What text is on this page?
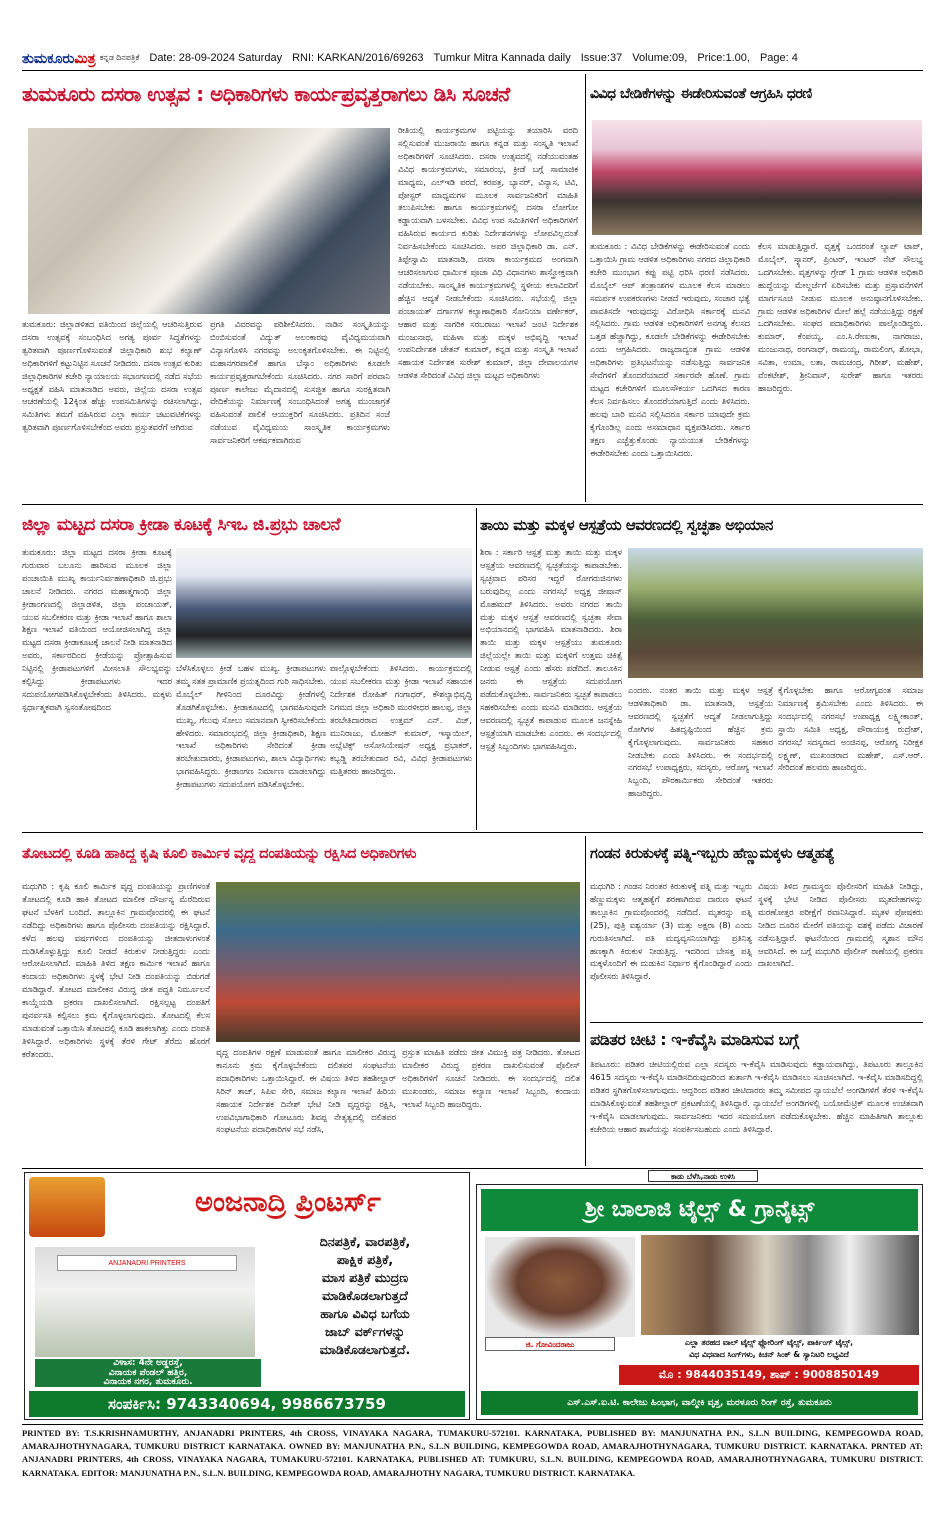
ತುಮಕೂರುಮಿತ್ರ ಕನ್ನಡ ದಿನಪತ್ರಿಕೆ Date: 28-09-2024 Saturday RNI: KARKAN/2016/69263 Tumkur Mitra Kannada daily Issue:37 Volume:09, Price:1.00, Page: 4
ತುಮಕೂರು ದಸರಾ ಉತ್ಸವ : ಅಧಿಕಾರಿಗಳು ಕಾರ್ಯಪ್ರವೃತ್ತರಾಗಲು ಡಿಸಿ ಸೂಚನೆ	ವಿವಿಧ ಬೇಡಿಕೆಗಳನ್ನು ಈಡೇರಿಸುವಂತೆ ಆಗ್ರಹಿಸಿ ಧರಣಿ
ರೀತಿಯಲ್ಲಿ ಕಾರ್ಯಕ್ರಮಗಳ ಪಟ್ಟಿಯನ್ನು ತಯಾರಿಸಿ ವರದಿ ಸಲ್ಲಿಸುವಂತೆ ಮುಜರಾಯಿ ಹಾಗೂ ಕನ್ನಡ ಮತ್ತು ಸಂಸ್ಕೃತಿ ಇಲಾಖೆ ಅಧಿಕಾರಿಗಳಿಗೆ ಸೂಚಿಸಿದರು. ದಸರಾ ಉತ್ಸವದಲ್ಲಿ ನಡೆಯುವಂತಹ ವಿವಿಧ ಕಾರ್ಯಕ್ರಮಗಳು, ಸಮಾರಂಭ, ಕ್ರೀಡೆ ಬಗ್ಗೆ ಸಾಮಾಜಿಕ ಮಾಧ್ಯಮ, ಎಲ್‌ಇಡಿ ಪರದೆ, ಕರಪತ್ರ, ಬ್ಯಾನರ್, ವಿನ್ಯಾಸ, ಟಿವಿ, ಪೋಸ್ಟರ್ ಮಾಧ್ಯಮಗಳ ಮೂಲಕ ಸಾರ್ವಜನಿಕರಿಗೆ ಮಾಹಿತಿ ತಲುಪಿಸಬೇಕು ಹಾಗೂ ಕಾರ್ಯಕ್ರಮಗಳಲ್ಲಿ ದಸರಾ ಲೋಗೋ ಕಡ್ಡಾಯವಾಗಿ ಬಳಸಬೇಕು. ವಿವಿಧ ಉಪ ಸಮಿತಿಗಳಿಗೆ ಅಧಿಕಾರಿಗಳಿಗೆ ವಹಿಸಿರುವ ಕಾರ್ಯದ ಕುರಿತು ನಿರ್ದೇಶನಗಳನ್ನು ಲೋಪವಿಲ್ಲದಂತೆ ನಿರ್ವಹಿಸಬೇಕೆಂದು ಸೂಚಿಸಿದರು. ಅಪರ ಜಿಲ್ಲಾಧಿಕಾರಿ ಡಾ. ಎನ್. ತಿಪ್ಪೇಸ್ವಾಮಿ ಮಾತನಾಡಿ, ದಸರಾ ಕಾರ್ಯಕ್ರಮದ ಅಂಗವಾಗಿ ಆಚರಿಸಲಾಗುವ ಧಾರ್ಮಿಕ ಪೂಜಾ ವಿಧಿ ವಿಧಾನಗಳು ಶಾಸ್ತ್ರೋಕ್ತವಾಗಿ ನಡೆಯಬೇಕು. ಸಾಂಸ್ಕೃತಿಕ ಕಾರ್ಯಕ್ರಮಗಳಲ್ಲಿ ಸ್ಥಳೀಯ ಕಲಾವಿದರಿಗೆ ಹೆಚ್ಚಿನ ಆದ್ಯತೆ ನೀಡಬೇಕೆಂದು ಸೂಚಿಸಿದರು. ಸಭೆಯಲ್ಲಿ ಜಿಲ್ಲಾ ಪಂಚಾಯತ್ ದರ್ಗಾಗಳ ಕಲ್ಯಾಣಾಧಿಕಾರಿ ಸೋನಿಯಾ ವರ್ಣೇಕರ್, ಆಹಾರ ಮತ್ತು ನಾಗರಿಕ ಸರಬರಾಜು ಇಲಾಖೆ ಜಂಟಿ ನಿರ್ದೇಶಕ ಮಂಜುನಾಥ, ಮಹಿಳಾ ಮತ್ತು ಮಕ್ಕಳ ಅಭಿವೃದ್ಧಿ ಇಲಾಖೆ ಉಪನಿರ್ದೇಶಕ ಚೇತನ್ ಕುಮಾರ್, ಕನ್ನಡ ಮತ್ತು ಸಂಸ್ಕೃತಿ ಇಲಾಖೆ ಸಹಾಯಕ ನಿರ್ದೇಶಕ ಸುರೇಶ್ ಕುಮಾರ್, ಜಿಲ್ಲಾ ದೇವಾಲಯಗಳ ಆಡಳಿತ ಸೇರಿದಂತೆ ವಿವಿಧ ಜಿಲ್ಲಾ ಮಟ್ಟದ ಅಧಿಕಾರಿಗಳು
ತುಮಕೂರು: ಜಿಲ್ಲಾಡಳಿತದ ವತಿಯಿಂದ ಜಿಲ್ಲೆಯಲ್ಲಿ ಆಚರಿಸುತ್ತಿರುವ ದಸರಾ ಉತ್ಸವಕ್ಕೆ ಸಂಬಂಧಿಸಿದ ಅಗತ್ಯ ಪೂರ್ವ ಸಿದ್ಧತೆಗಳನ್ನು ತ್ವರಿತವಾಗಿ ಪೂರ್ಣಗೊಳಿಸುವಂತೆ ಜಿಲ್ಲಾಧಿಕಾರಿ ಶುಭ ಕಲ್ಯಾಣ್ ಅಧಿಕಾರಿಗಳಿಗೆ ಕಟ್ಟುನಿಟ್ಟಿನ ಸೂಚನೆ ನೀಡಿದರು. ದಸರಾ ಉತ್ಸವ ಕುರಿತು ಜಿಲ್ಲಾಧಿಕಾರಿಗಳ ಕಚೇರಿ ನ್ಯಾಯಾಲಯ ಸಭಾಂಗಣದಲ್ಲಿ ನಡೆದ ಸಭೆಯ ಅಧ್ಯಕ್ಷತೆ ವಹಿಸಿ ಮಾತನಾಡಿದ ಅವರು, ಜಿಲ್ಲೆಯ ದಸರಾ ಉತ್ಸವ ಆಚರಣೆಯಲ್ಲಿ 12ಕ್ಕಿಂತ ಹೆಚ್ಚು ಉಪಸಮಿತಿಗಳನ್ನು ರಚಿಸಲಾಗಿದ್ದು, ಸಮಿತಿಗಳು ತಮಗೆ ವಹಿಸಿರುವ ಎಲ್ಲಾ ಕಾರ್ಯ ಚಟುವಟಿಕೆಗಳನ್ನು ತ್ವರಿತವಾಗಿ ಪೂರ್ಣಗೊಳಿಸಬೇಕೆಂದ ಅವರು ಪ್ರಸ್ತುತವರೆಗೆ ಆಗಿರುವ
ಪ್ರಗತಿ ವಿವರವನ್ನು ಪರಿಶೀಲಿಸಿದರು. ನಾಡಿನ ಸಂಸ್ಕೃತಿಯನ್ನು ಬಿಂಬಿಸುವಂತೆ ವಿದ್ಯುತ್ ಅಲಂಕಾರವು ವೈವಿಧ್ಯಮಯವಾಗಿ ವಿನ್ಯಾಸಗೊಳಿಸಿ ನಗರವನ್ನು ಅಲಂಕೃತಗೊಳಿಸಬೇಕು. ಈ ನಿಟ್ಟಿನಲ್ಲಿ ಮಹಾನಗರಪಾಲಿಕೆ ಹಾಗೂ ಬೆಸ್ಕಾಂ ಅಧಿಕಾರಿಗಳು ಕೂಡಲೇ ಕಾರ್ಯಪ್ರವೃತ್ತರಾಗಬೇಕೆಂದು ಸೂಚಿಸಿದರು. ನಗರ ಸಾರಿಗೆ ಪರವಾನಿ ಪೂರ್ಣ ಕಾಲೇಜು ಮೈದಾನದಲ್ಲಿ ಸುಸಜ್ಜಿತ ಹಾಗೂ ಸುರಕ್ಷಿತವಾಗಿ ವೇದಿಕೆಯನ್ನು ನಿರ್ಮಾಣಕ್ಕೆ ಸಂಬಂಧಿಸಿದಂತೆ ಅಗತ್ಯ ಮುಂಜಾಗ್ರತೆ ವಹಿಸುವಂತೆ ಪಾಲಿಕೆ ಆಯುಕ್ತರಿಗೆ ಸೂಚಿಸಿದರು. ಪ್ರತಿದಿನ ಸಂಜೆ ನಡೆಯುವ ವೈವಿಧ್ಯಮಯ ಸಾಂಸ್ಕೃತಿಕ ಕಾರ್ಯಕ್ರಮಗಳು ಸಾರ್ವಜನಿಕರಿಗೆ ಆಕರ್ಷಕವಾಗಿರುವ
ತುಮಕೂರು : ವಿವಿಧ ಬೇಡಿಕೆಗಳನ್ನು ಈಡೇರಿಸುವಂತೆ ಎಂದು ಒತ್ತಾಯಿಸಿ ಗ್ರಾಮ ಆಡಳಿತ ಅಧಿಕಾರಿಗಳು ನಗರದ ಜಿಲ್ಲಾಧಿಕಾರಿ ಕಚೇರಿ ಮುಂಭಾಗ ಕಪ್ಪು ಪಟ್ಟಿ ಧರಿಸಿ ಧರಣಿ ನಡೆಸಿದರು. ಮೊಬೈಲ್ ಆಪ್ ತಂತ್ರಾಂಶಗಳ ಮೂಲಕ ಕೆಲಸ ಮಾಡಲು ಸಮರ್ಪಕ ಉಪಕರಣಗಳು ನೀಡದೆ ಇರುವುದು, ಸಂಚಾರ ಭತ್ಯೆ ಪಾವತಿಸದೇ ಇರುವುದನ್ನು ವಿರೋಧಿಸಿ ಸರ್ಕಾರಕ್ಕೆ ಮನವಿ ಸಲ್ಲಿಸಿದರು. ಗ್ರಾಮ ಆಡಳಿತ ಅಧಿಕಾರಿಗಳಿಗೆ ಅನಗತ್ಯ ಕೆಲಸದ ಒತ್ತಡ ಹೆಚ್ಚಾಗಿದ್ದು, ಕೂಡಲೇ ಬೇಡಿಕೆಗಳನ್ನು ಈಡೇರಿಸಬೇಕು ಎಂದು ಆಗ್ರಹಿಸಿದರು. ರಾಜ್ಯದಾದ್ಯಂತ ಗ್ರಾಮ ಆಡಳಿತ ಅಧಿಕಾರಿಗಳು ಪ್ರತಿಭಟನೆಯನ್ನು ನಡೆಸುತ್ತಿದ್ದು ಸಾರ್ವಜನಿಕ ಸೇವೆಗಳಿಗೆ ತೊಂದರೆಯಾದರೆ ಸರ್ಕಾರವೇ ಹೊಣೆ. ಗ್ರಾಮ ಮಟ್ಟದ ಕಚೇರಿಗಳಿಗೆ ಮೂಲಸೌಕರ್ಯ ಒದಗಿಸದ ಕಾರಣ ಕೆಲಸ ನಿರ್ವಹಿಸಲು ತೊಂದರೆಯಾಗುತ್ತಿದೆ ಎಂದು ತಿಳಿಸಿದರು. ಹಲವು ಬಾರಿ ಮನವಿ ಸಲ್ಲಿಸಿದರೂ ಸರ್ಕಾರ ಯಾವುದೇ ಕ್ರಮ ಕೈಗೊಂಡಿಲ್ಲ ಎಂದು ಅಸಮಾಧಾನ ವ್ಯಕ್ತಪಡಿಸಿದರು. ಸರ್ಕಾರ ತಕ್ಷಣ ಎಚ್ಚೆತ್ತುಕೊಂಡು ನ್ಯಾಯಯುತ ಬೇಡಿಕೆಗಳನ್ನು ಈಡೇರಿಸಬೇಕು ಎಂದು ಒತ್ತಾಯಿಸಿದರು.
ಕೆಲಸ ಮಾಡುತ್ತಿದ್ದಾರೆ. ವೃತ್ತಕ್ಕೆ ಒಂದರಂತೆ ಲ್ಯಾಪ್ ಟಾಪ್, ಮೊಬೈಲ್, ಸ್ಕ್ಯಾನರ್, ಪ್ರಿಂಟರ್, ಇಂಟರ್ ನೆಟ್ ಸೌಲಭ್ಯ ಒದಗಿಸಬೇಕು. ವೃತ್ತಗಳನ್ನು ಗ್ರೇಡ್ 1 ಗ್ರಾಮ ಆಡಳಿತ ಅಧಿಕಾರಿ ಹುದ್ದೆಯನ್ನು ಮೇಲ್ದರ್ಜೆಗೆ ಏರಿಸಬೇಕು ಮತ್ತು ಪ್ರಸ್ತಾವನೆಗಳಿಗೆ ಮಾರ್ಗಸೂಚಿ ನೀಡುವ ಮೂಲಕ ಅನುಷ್ಠಾನಗೊಳಿಸಬೇಕು. ಗ್ರಾಮ ಆಡಳಿತ ಅಧಿಕಾರಿಗಳ ಮೇಲೆ ಹಲ್ಲೆ ನಡೆಯುತ್ತಿದ್ದು ರಕ್ಷಣೆ ಒದಗಿಸಬೇಕು. ಸಂಘದ ಪದಾಧಿಕಾರಿಗಳು ಪಾಲ್ಗೊಂಡಿದ್ದರು. ಕುಮಾರ್, ಕೆಂಪಯ್ಯ, ಎಂ.ಸಿ.ರೇಣುಕಾ, ನಾಗರಾಜು, ಮಂಜುನಾಥ, ರಂಗನಾಥ್, ರಾಮಯ್ಯ, ರಾಮಲಿಂಗ, ಶೋಭಾ, ಸವಿತಾ, ಉಮಾ, ಲತಾ, ರಾಮಚಂದ್ರ, ಗಿರೀಶ್, ಮಹೇಶ್, ವೆಂಕಟೇಶ್, ಶ್ರೀನಿವಾಸ್, ಸುರೇಶ್ ಹಾಗೂ ಇತರರು ಹಾಜರಿದ್ದರು.
ಜಿಲ್ಲಾ ಮಟ್ಟದ ದಸರಾ ಕ್ರೀಡಾ ಕೂಟಕ್ಕೆ ಸಿಇಒ ಜಿ.ಪ್ರಭು ಚಾಲನೆ	ತಾಯಿ ಮತ್ತು ಮಕ್ಕಳ ಆಸ್ಪತ್ರೆಯ ಆವರಣದಲ್ಲಿ ಸ್ವಚ್ಛತಾ ಅಭಿಯಾನ
ತುಮಕೂರು: ಜಿಲ್ಲಾ ಮಟ್ಟದ ದಸರಾ ಕ್ರೀಡಾ ಕೂಟಕ್ಕೆ ಗುರುವಾರ ಬಲೂನು ಹಾರಿಸುವ ಮೂಲಕ ಜಿಲ್ಲಾ ಪಂಚಾಯಿತಿ ಮುಖ್ಯ ಕಾರ್ಯನಿರ್ವಹಣಾಧಿಕಾರಿ ಜಿ.ಪ್ರಭು ಚಾಲನೆ ನೀಡಿದರು. ನಗರದ ಮಹಾತ್ಮಗಾಂಧಿ ಜಿಲ್ಲಾ ಕ್ರೀಡಾಂಗಣದಲ್ಲಿ ಜಿಲ್ಲಾಡಳಿತ, ಜಿಲ್ಲಾ ಪಂಚಾಯತ್, ಯುವ ಸಬಲೀಕರಣ ಮತ್ತು ಕ್ರೀಡಾ ಇಲಾಖೆ ಹಾಗೂ ಶಾಲಾ ಶಿಕ್ಷಣ ಇಲಾಖೆ ವತಿಯಿಂದ ಆಯೋಜಿಸಲಾಗಿದ್ದ ಜಿಲ್ಲಾ ಮಟ್ಟದ ದಸರಾ ಕ್ರೀಡಾಕೂಟಕ್ಕೆ ಚಾಲನೆ ನೀಡಿ ಮಾತನಾಡಿದ ಅವರು, ಸರ್ಕಾರದಿಂದ ಕ್ರೀಡೆಯನ್ನು ಪ್ರೋತ್ಸಾಹಿಸುವ ನಿಟ್ಟಿನಲ್ಲಿ ಕ್ರೀಡಾಪಟುಗಳಿಗೆ ಮೀಸಲಾತಿ ಸೌಲಭ್ಯವನ್ನು ಕಲ್ಪಿಸಿದ್ದು ಕ್ರೀಡಾಪಟುಗಳು ಇದರ ಸದುಪಯೋಗಪಡಿಸಿಕೊಳ್ಳಬೇಕೆಂದು ತಿಳಿಸಿದರು. ಮಕ್ಕಳು ಸ್ಪರ್ಧಾತ್ಮಕವಾಗಿ ಸ್ವಸಂತೋಷದಿಂದ
ಬೆಳೆಸಿಕೊಳ್ಳಲು ಕ್ರೀಡೆ ಬಹಳ ಮುಖ್ಯ. ಕ್ರೀಡಾಪಟುಗಳು ತಮ್ಮ ಸತತ ಪ್ರಾಮಾಣಿಕ ಪ್ರಯತ್ನದಿಂದ ಗುರಿ ಸಾಧಿಸಬೇಕು. ಮೊಬೈಲ್ ಗೀಳಿನಿಂದ ದೂರವಿದ್ದು ಕ್ರೀಡೆಗಳಲ್ಲಿ ತೊಡಗಿಕೊಳ್ಳಬೇಕು. ಕ್ರೀಡಾಕೂಟದಲ್ಲಿ ಭಾಗವಹಿಸುವುದೇ ಮುಖ್ಯ, ಗೆಲುವು ಸೋಲು ಸಮಾನವಾಗಿ ಸ್ವೀಕರಿಸಬೇಕೆಂದು ಹೇಳಿದರು. ಸಮಾರಂಭದಲ್ಲಿ ಜಿಲ್ಲಾ ಕ್ರೀಡಾಧಿಕಾರಿ, ಶಿಕ್ಷಣ ಇಲಾಖೆ ಅಧಿಕಾರಿಗಳು ಸೇರಿದಂತೆ ಕ್ರೀಡಾ ತರಬೇತುದಾರರು, ಕ್ರೀಡಾಪಟುಗಳು, ಶಾಲಾ ವಿದ್ಯಾರ್ಥಿಗಳು ಭಾಗವಹಿಸಿದ್ದರು. ಕ್ರೀಡಾಂಗಣ ನಿರ್ಮಾಣ ಮಾಡಲಾಗಿದ್ದು ಕ್ರೀಡಾಪಟುಗಳು ಸದುಪಯೋಗ ಪಡಿಸಿಕೊಳ್ಳಬೇಕು.
ಪಾಲ್ಗೊಳ್ಳಬೇಕೆಂದು ತಿಳಿಸಿದರು. ಕಾರ್ಯಕ್ರಮದಲ್ಲಿ ಯುವ ಸಬಲೀಕರಣ ಮತ್ತು ಕ್ರೀಡಾ ಇಲಾಖೆ ಸಹಾಯಕ ನಿರ್ದೇಶಕ ರೋಹಿತ್ ಗಂಗಾಧರ್, ಕೌಶಲ್ಯಾಭಿವೃದ್ಧಿ ನಿಗಮದ ಜಿಲ್ಲಾ ಅಧಿಕಾರಿ ಮುರಳೀಧರ ಹಾಲಪ್ಪ, ಜಿಲ್ಲಾ ತರಬೇತಿದಾರರಾದ ಉತ್ತಮ್ ಎನ್. ವಿಜ್, ಮುನಿರಾಜು, ಮೋಹನ್ ಕುಮಾರ್, ಇಸ್ಮಾಯಿಲ್, ಅಬ್ಲೆಟಿಕ್ಸ್ ಅಸೋಸಿಯೇಷನ್ ಅಧ್ಯಕ್ಷ ಪ್ರಭಾಕರ್, ಕಬ್ಬಡ್ಡಿ ತರಬೇತುದಾರ ರವಿ, ವಿವಿಧ ಕ್ರೀಡಾಪಟುಗಳು ಮತ್ತಿತರರು ಹಾಜರಿದ್ದರು.
ಶಿರಾ : ಸರ್ಕಾರಿ ಆಸ್ಪತ್ರೆ ಮತ್ತು ತಾಯಿ ಮತ್ತು ಮಕ್ಕಳ ಆಸ್ಪತ್ರೆಯ ಆವರಣದಲ್ಲಿ ಸ್ವಚ್ಛತೆಯನ್ನು ಕಾಪಾಡಬೇಕು. ಸ್ವಚ್ಛವಾದ ಪರಿಸರ ಇದ್ದರೆ ರೋಗರುಜಿನಗಳು ಬರುವುದಿಲ್ಲ ಎಂದು ನಗರಸಭೆ ಅಧ್ಯಕ್ಷ ಜೀಷಾನ್ ಮೊಹಮದ್ ತಿಳಿಸಿದರು. ಅವರು ನಗರದ ತಾಯಿ ಮತ್ತು ಮಕ್ಕಳ ಆಸ್ಪತ್ರೆ ಆವರಣದಲ್ಲಿ ಸ್ವಚ್ಛತಾ ಸೇವಾ ಅಭಿಯಾನದಲ್ಲಿ ಭಾಗವಹಿಸಿ ಮಾತನಾಡಿದರು. ಶಿರಾ ತಾಯಿ ಮತ್ತು ಮಕ್ಕಳ ಆಸ್ಪತ್ರೆಯು ತುಮಕೂರು ಜಿಲ್ಲೆಯಲ್ಲೇ ತಾಯಿ ಮತ್ತು ಮಕ್ಕಳಿಗೆ ಉತ್ತಮ ಚಿಕಿತ್ಸೆ ನೀಡುವ ಆಸ್ಪತ್ರೆ ಎಂದು ಹೆಸರು ಪಡೆದಿದೆ. ತಾಲೂಕಿನ ಜನರು ಈ ಆಸ್ಪತ್ರೆಯ ಸದುಪಯೋಗ ಪಡೆದುಕೊಳ್ಳಬೇಕು. ಸಾರ್ವಜನಿಕರು ಸ್ವಚ್ಛತೆ ಕಾಪಾಡಲು ಸಹಕರಿಸಬೇಕು ಎಂದು ಮನವಿ ಮಾಡಿದರು. ಆಸ್ಪತ್ರೆಯ ಆವರಣದಲ್ಲಿ ಸ್ವಚ್ಛತೆ ಕಾಪಾಡುವ ಮೂಲಕ ಜನಸ್ನೇಹಿ ಆಸ್ಪತ್ರೆಯಾಗಿ ಮಾಡಬೇಕು ಎಂದರು. ಈ ಸಂದರ್ಭದಲ್ಲಿ ಆಸ್ಪತ್ರೆ ಸಿಬ್ಬಂದಿಗಳು ಭಾಗವಹಿಸಿದ್ದರು.
ಎಂದರು. ನಂತರ ತಾಯಿ ಮತ್ತು ಮಕ್ಕಳ ಆಸ್ಪತ್ರೆ ಆಡಳಿತಾಧಿಕಾರಿ ಡಾ. ಮಾತನಾಡಿ, ಆಸ್ಪತ್ರೆಯ ಆವರಣದಲ್ಲಿ ಸ್ವಚ್ಛತೆಗೆ ಆದ್ಯತೆ ನೀಡಲಾಗುತ್ತಿದ್ದು ರೋಗಿಗಳ ಹಿತದೃಷ್ಟಿಯಿಂದ ಹೆಚ್ಚಿನ ಕ್ರಮ ಕೈಗೊಳ್ಳಲಾಗುವುದು. ಸಾರ್ವಜನಿಕರು ಸಹಕಾರ ನೀಡಬೇಕು ಎಂದು ತಿಳಿಸಿದರು. ಈ ಸಂದರ್ಭದಲ್ಲಿ ನಗರಸಭೆ ಉಪಾಧ್ಯಕ್ಷರು, ಸದಸ್ಯರು, ಆರೋಗ್ಯ ಇಲಾಖೆ ಸಿಬ್ಬಂದಿ, ಪೌರಕಾರ್ಮಿಕರು ಸೇರಿದಂತೆ ಇತರರು ಹಾಜರಿದ್ದರು.
ಕೈಗೊಳ್ಳಬೇಕು ಹಾಗೂ ಆರೋಗ್ಯವಂತ ಸಮಾಜ ನಿರ್ಮಾಣಕ್ಕೆ ಶ್ರಮಿಸಬೇಕು ಎಂದು ತಿಳಿಸಿದರು. ಈ ಸಂದರ್ಭದಲ್ಲಿ ನಗರಸಭೆ ಉಪಾಧ್ಯಕ್ಷ ಲಕ್ಷ್ಮೀಕಾಂತ್, ಸ್ಥಾಯಿ ಸಮಿತಿ ಅಧ್ಯಕ್ಷ, ಪೌರಾಯುಕ್ತ ರುದ್ರೇಶ್, ನಗರಸಭೆ ಸದಸ್ಯರಾದ ಅಂಜಿನಪ್ಪ, ಆರೋಗ್ಯ ನಿರೀಕ್ಷಕ ಲಕ್ಷ್ಮಣ್, ಮುಖಂಡರಾದ ಮಹೇಶ್, ಎಸ್.ಆರ್. ಸೇರಿದಂತೆ ಹಲವರು ಹಾಜರಿದ್ದರು.
ತೋಟದಲ್ಲಿ ಕೂಡಿ ಹಾಕಿದ್ದ ಕೃಷಿ ಕೂಲಿ ಕಾರ್ಮಿಕ ವೃದ್ದ ದಂಪತಿಯನ್ನು ರಕ್ಷಿಸಿದ ಅಧಿಕಾರಿಗಳು	ಗಂಡನ ಕಿರುಕುಳಕ್ಕೆ ಪತ್ನಿ-ಇಬ್ಬರು ಹೆಣ್ಣುಮಕ್ಕಳು ಆತ್ಮಹತ್ಯೆ
ಮಧುಗಿರಿ : ಕೃಷಿ ಕೂಲಿ ಕಾರ್ಮಿಕ ವೃದ್ದ ದಂಪತಿಯನ್ನು ಪ್ರಾಣಿಗಳಂತೆ ತೋಟದಲ್ಲಿ ಕೂಡಿ ಹಾಕಿ ತೋಟದ ಮಾಲೀಕ ದೌರ್ಜನ್ಯ ಮೆರೆದಿರುವ ಘಟನೆ ಬೆಳಕಿಗೆ ಬಂದಿದೆ. ತಾಲ್ಲೂಕಿನ ಗ್ರಾಮವೊಂದರಲ್ಲಿ ಈ ಘಟನೆ ನಡೆದಿದ್ದು ಅಧಿಕಾರಿಗಳು ಹಾಗೂ ಪೊಲೀಸರು ದಂಪತಿಯನ್ನು ರಕ್ಷಿಸಿದ್ದಾರೆ. ಕಳೆದ ಹಲವು ವರ್ಷಗಳಿಂದ ದಂಪತಿಯನ್ನು ಜೀತದಾಳುಗಳಂತೆ ದುಡಿಸಿಕೊಳ್ಳುತ್ತಿದ್ದು ಕೂಲಿ ನೀಡದೆ ಕಿರುಕುಳ ನೀಡುತ್ತಿದ್ದರು ಎಂದು ಆರೋಪಿಸಲಾಗಿದೆ. ಮಾಹಿತಿ ತಿಳಿದ ತಕ್ಷಣ ಕಾರ್ಮಿಕ ಇಲಾಖೆ ಹಾಗೂ ಕಂದಾಯ ಅಧಿಕಾರಿಗಳು ಸ್ಥಳಕ್ಕೆ ಭೇಟಿ ನೀಡಿ ದಂಪತಿಯನ್ನು ಬಿಡುಗಡೆ ಮಾಡಿದ್ದಾರೆ. ತೋಟದ ಮಾಲೀಕನ ವಿರುದ್ಧ ಜೀತ ಪದ್ಧತಿ ನಿರ್ಮೂಲನೆ ಕಾಯ್ದೆಯಡಿ ಪ್ರಕರಣ ದಾಖಲಿಸಲಾಗಿದೆ. ರಕ್ಷಿಸಲ್ಪಟ್ಟ ದಂಪತಿಗೆ ಪುನರ್ವಸತಿ ಕಲ್ಪಿಸಲು ಕ್ರಮ ಕೈಗೊಳ್ಳಲಾಗುವುದು. ತೋಟದಲ್ಲಿ ಕೆಲಸ ಮಾಡುವಂತೆ ಒತ್ತಾಯಿಸಿ ತೋಟದಲ್ಲಿ ಕೂಡಿ ಹಾಕಲಾಗಿತ್ತು ಎಂದು ದಂಪತಿ ತಿಳಿಸಿದ್ದಾರೆ. ಅಧಿಕಾರಿಗಳು ಸ್ಥಳಕ್ಕೆ ತೆರಳಿ ಗೇಟ್ ತೆರೆದು ಹೊರಗೆ ಕರೆತಂದರು.	ವೃದ್ದ ದಂಪತಿಗಳ ರಕ್ಷಣೆ ಮಾಡುವಂತೆ ಹಾಗೂ ಮಾಲೀಕರ ವಿರುದ್ಧ ಕಾನೂನು ಕ್ರಮ ಕೈಗೊಳ್ಳಬೇಕೆಂದು ದಲಿತಪರ ಸಂಘಟನೆಯ ಪದಾಧಿಕಾರಿಗಳು ಒತ್ತಾಯಿಸಿದ್ದಾರೆ. ಈ ವಿಷಯ ತಿಳಿದ ತಹಶೀಲ್ದಾರ್ ಸಿರಿನ್ ತಾಜ್, ಸಿಪಿಐ ಸೇರಿ, ಸಮಾಜ ಕಲ್ಯಾಣ ಇಲಾಖೆ ಹಿರಿಯ ಸಹಾಯಕ ನಿರ್ದೇಶಕ ದಿನೇಶ್ ಭೇಟಿ ನೀಡಿ ವೃದ್ದರನ್ನು ರಕ್ಷಿಸಿ, ಉಪವಿಭಾಗಾಧಿಕಾರಿ ಗೋಟೂರು ಶಿವಪ್ಪ ನೇತೃತ್ವದಲ್ಲಿ ದಲಿತಪರ ಸಂಘಟನೆಯ ಪದಾಧಿಕಾರಿಗಳ ಸಭೆ ನಡೆಸಿ,
ಪ್ರಸ್ತುತ ಮಾಹಿತಿ ಪಡೆದು ಜೀತ ವಿಮುಕ್ತಿ ಪತ್ರ ನೀಡಿದರು. ತೋಟದ ಮಾಲೀಕರ ವಿರುದ್ಧ ಪ್ರಕರಣ ದಾಖಲಿಸುವಂತೆ ಪೊಲೀಸ್ ಅಧಿಕಾರಿಗಳಿಗೆ ಸೂಚನೆ ನೀಡಿದರು. ಈ ಸಂದರ್ಭದಲ್ಲಿ ದಲಿತ ಮುಖಂಡರು, ಸಮಾಜ ಕಲ್ಯಾಣ ಇಲಾಖೆ ಸಿಬ್ಬಂದಿ, ಕಂದಾಯ ಇಲಾಖೆ ಸಿಬ್ಬಂದಿ ಹಾಜರಿದ್ದರು.
ಮಧುಗಿರಿ : ಗಂಡನ ನಿರಂತರ ಕಿರುಕುಳಕ್ಕೆ ಪತ್ನಿ ಮತ್ತು ಇಬ್ಬರು ಹೆಣ್ಣುಮಕ್ಕಳು ಆತ್ಮಹತ್ಯೆಗೆ ಶರಣಾಗಿರುವ ದಾರುಣ ಘಟನೆ ತಾಲ್ಲೂಕಿನ ಗ್ರಾಮವೊಂದರಲ್ಲಿ ನಡೆದಿದೆ. ಮೃತರನ್ನು ಪತ್ನಿ (25), ಪುತ್ರಿ ಐಶ್ವರ್ಯಾ (3) ಮತ್ತು ಅಕ್ಷರಾ (8) ಎಂದು ಗುರುತಿಸಲಾಗಿದೆ. ಪತಿ ಮದ್ಯವ್ಯಸನಿಯಾಗಿದ್ದು ಪ್ರತಿನಿತ್ಯ ಹಣಕ್ಕಾಗಿ ಕಿರುಕುಳ ನೀಡುತ್ತಿದ್ದ. ಇದರಿಂದ ಬೇಸತ್ತ ಪತ್ನಿ ಮಕ್ಕಳೊಂದಿಗೆ ಈ ದುಡುಕಿನ ನಿರ್ಧಾರ ಕೈಗೊಂಡಿದ್ದಾರೆ ಎಂದು ಪೊಲೀಸರು ತಿಳಿಸಿದ್ದಾರೆ.
ವಿಷಯ ತಿಳಿದ ಗ್ರಾಮಸ್ಥರು ಪೊಲೀಸರಿಗೆ ಮಾಹಿತಿ ನೀಡಿದ್ದು, ಸ್ಥಳಕ್ಕೆ ಭೇಟಿ ನೀಡಿದ ಪೊಲೀಸರು ಮೃತದೇಹಗಳನ್ನು ಮರಣೋತ್ತರ ಪರೀಕ್ಷೆಗೆ ರವಾನಿಸಿದ್ದಾರೆ. ಮೃತಳ ಪೋಷಕರು ನೀಡಿದ ದೂರಿನ ಮೇರೆಗೆ ಪತಿಯನ್ನು ವಶಕ್ಕೆ ಪಡೆದು ವಿಚಾರಣೆ ನಡೆಸುತ್ತಿದ್ದಾರೆ. ಘಟನೆಯಿಂದ ಗ್ರಾಮದಲ್ಲಿ ಸ್ಮಶಾನ ಮೌನ ಆವರಿಸಿದೆ. ಈ ಬಗ್ಗೆ ಮಧುಗಿರಿ ಪೊಲೀಸ್ ಠಾಣೆಯಲ್ಲಿ ಪ್ರಕರಣ ದಾಖಲಾಗಿದೆ.
ಪಡಿತರ ಚೀಟಿ : ಇ-ಕೆವೈಸಿ ಮಾಡಿಸುವ ಬಗ್ಗೆ
ತಿಪಟೂರು: ಪಡಿತರ ಚೀಟಿಯಲ್ಲಿರುವ ಎಲ್ಲಾ ಸದಸ್ಯರು ಇ-ಕೆವೈಸಿ ಮಾಡಿಸುವುದು ಕಡ್ಡಾಯವಾಗಿದ್ದು, ತಿಪಟೂರು ತಾಲ್ಲೂಕಿನ 4615 ಸದಸ್ಯರು ಇ-ಕೆವೈಸಿ ಮಾಡಿಸದಿರುವುದರಿಂದ ತುರ್ತಾಗಿ ಇ-ಕೆವೈಸಿ ಮಾಡಿಸಲು ಸೂಚಿಸಲಾಗಿದೆ. ಇ-ಕೆವೈಸಿ ಮಾಡಿಸದಿದ್ದಲ್ಲಿ ಪಡಿತರ ಸ್ಥಗಿತಗೊಳಿಸಲಾಗುವುದು. ಆದ್ದರಿಂದ ಪಡಿತರ ಚೀಟಿದಾರರು ತಮ್ಮ ಸಮೀಪದ ನ್ಯಾಯಬೆಲೆ ಅಂಗಡಿಗಳಿಗೆ ತೆರಳಿ ಇ-ಕೆವೈಸಿ ಮಾಡಿಸಿಕೊಳ್ಳುವಂತೆ ತಹಶೀಲ್ದಾರ್ ಪ್ರಕಟಣೆಯಲ್ಲಿ ತಿಳಿಸಿದ್ದಾರೆ. ನ್ಯಾಯಬೆಲೆ ಅಂಗಡಿಗಳಲ್ಲಿ ಬಯೋಮೆಟ್ರಿಕ್ ಮೂಲಕ ಉಚಿತವಾಗಿ ಇ-ಕೆವೈಸಿ ಮಾಡಲಾಗುವುದು. ಸಾರ್ವಜನಿಕರು ಇದರ ಸದುಪಯೋಗ ಪಡೆದುಕೊಳ್ಳಬೇಕು. ಹೆಚ್ಚಿನ ಮಾಹಿತಿಗಾಗಿ ತಾಲ್ಲೂಕು ಕಚೇರಿಯ ಆಹಾರ ಶಾಖೆಯನ್ನು ಸಂಪರ್ಕಿಸಬಹುದು ಎಂದು ತಿಳಿಸಿದ್ದಾರೆ.
ಅಂಜನಾದ್ರಿ ಪ್ರಿಂಟರ್ಸ್
ANJANADRI PRINTERS
ದಿನಪತ್ರಿಕೆ, ವಾರಪತ್ರಿಕೆ,
ಪಾಕ್ಷಿಕ ಪತ್ರಿಕೆ,
ಮಾಸ ಪತ್ರಿಕೆ ಮುದ್ರಣ
ಮಾಡಿಕೊಡಲಾಗುತ್ತದೆ
ಹಾಗೂ ವಿವಿಧ ಬಗೆಯ
ಜಾಬ್ ವರ್ಕ್‌ಗಳನ್ನು
ಮಾಡಿಕೊಡಲಾಗುತ್ತದೆ.
ವಿಳಾಸ: 4ನೇ ಅಡ್ಡರಸ್ತೆ,
ವಿನಾಯಕ ಪೆಂಡಲ್ ಹತ್ತಿರ,
ವಿನಾಯಕ ನಗರ, ತುಮಕೂರು.
ಸಂಪರ್ಕಿಸಿ: 9743340694, 9986673759
ಕಾಡು ಬೆಳೆಸಿ,ನಾಡು ಉಳಿಸಿ
ಶ್ರೀ ಬಾಲಾಜಿ ಟೈಲ್ಸ್ & ಗ್ರಾನೈಟ್ಸ್
ಜಿ. ಗೋವಿಂದರಾಜು	ಎಲ್ಲಾ ತರಹದ ವಾಲ್ ಟೈಲ್ಸ್ ಫ್ಲೋರಿಂಗ್ ಟೈಲ್ಸ್, ಪಾರ್ಕಿಂಗ್ ಟೈಲ್ಸ್,
ವಿಧ ವಿಧವಾದ ಸಿಂಗ್‌ಗಳು, ಕಿಚನ್ ಸಿಂಕ್ & ಸ್ಯಾನಿಟರಿ ಲಭ್ಯವಿದೆ
ಮೊ : 9844035149, ಶಾಪ್ : 9008850149
ಎಸ್.ಎಸ್.ಐ.ಟಿ. ಕಾಲೇಜು ಹಿಂಭಾಗ, ವಾಲ್ಮೀಕಿ ವೃತ್ತ, ಮರಳೂರು ರಿಂಗ್ ರಸ್ತೆ, ತುಮಕೂರು
PRINTED BY: T.S.KRISHNAMURTHY, ANJANADRI PRINTERS, 4th CROSS, VINAYAKA NAGARA, TUMAKURU-572101. KARNATAKA, PUBLISHED BY: MANJUNATHA P.N., S.L.N BUILDING, KEMPEGOWDA ROAD, AMARAJHOTHYNAGARA, TUMKURU DISTRICT KARNATAKA. OWNED BY: MANJUNATHA P.N., S.L.N BUILDING, KEMPEGOWDA ROAD, AMARAJHOTHYNAGARA, TUMKURU DISTRICT. KARNATAKA. PRNTED AT: ANJANADRI PRINTERS, 4th CROSS, VINAYAKA NAGARA, TUMAKURU-572101. KARNATAKA, PUBLISHED AT: TUMKURU, S.L.N. BUILDING, KEMPEGOWDA ROAD, AMARAJHOTHYNAGARA, TUMKURU DISTRICT. KARNATAKA. EDITOR: MANJUNATHA P.N., S.L.N. BUILDING, KEMPEGOWDA ROAD, AMARAJHOTHY NAGARA, TUMKURU DISTRICT. KARNATAKA.
